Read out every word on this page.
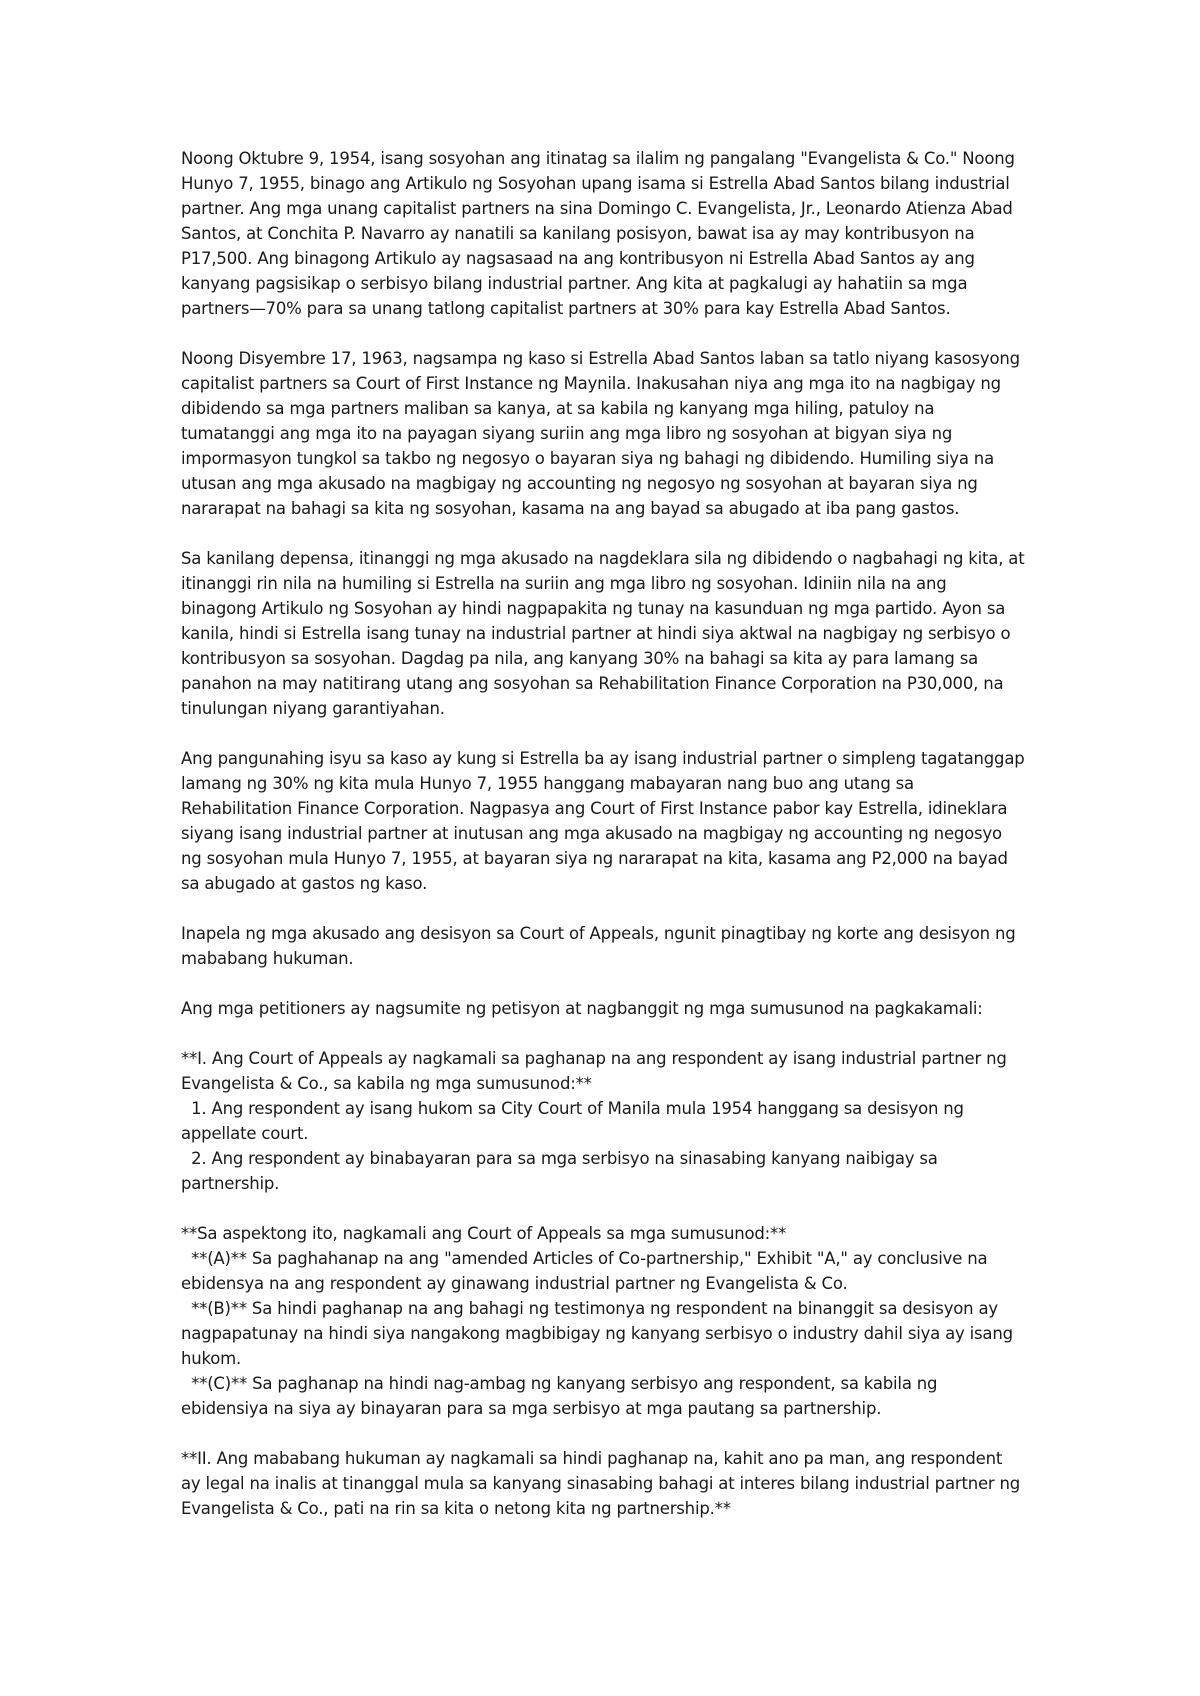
Noong Oktubre 9, 1954, isang sosyohan ang itinatag sa ilalim ng pangalang "Evangelista & Co." Noong
Hunyo 7, 1955, binago ang Artikulo ng Sosyohan upang isama si Estrella Abad Santos bilang industrial
partner. Ang mga unang capitalist partners na sina Domingo C. Evangelista, Jr., Leonardo Atienza Abad
Santos, at Conchita P. Navarro ay nanatili sa kanilang posisyon, bawat isa ay may kontribusyon na
P17,500. Ang binagong Artikulo ay nagsasaad na ang kontribusyon ni Estrella Abad Santos ay ang
kanyang pagsisikap o serbisyo bilang industrial partner. Ang kita at pagkalugi ay hahatiin sa mga
partners—70% para sa unang tatlong capitalist partners at 30% para kay Estrella Abad Santos.
Noong Disyembre 17, 1963, nagsampa ng kaso si Estrella Abad Santos laban sa tatlo niyang kasosyong
capitalist partners sa Court of First Instance ng Maynila. Inakusahan niya ang mga ito na nagbigay ng
dibidendo sa mga partners maliban sa kanya, at sa kabila ng kanyang mga hiling, patuloy na
tumatanggi ang mga ito na payagan siyang suriin ang mga libro ng sosyohan at bigyan siya ng
impormasyon tungkol sa takbo ng negosyo o bayaran siya ng bahagi ng dibidendo. Humiling siya na
utusan ang mga akusado na magbigay ng accounting ng negosyo ng sosyohan at bayaran siya ng
nararapat na bahagi sa kita ng sosyohan, kasama na ang bayad sa abugado at iba pang gastos.
Sa kanilang depensa, itinanggi ng mga akusado na nagdeklara sila ng dibidendo o nagbahagi ng kita, at
itinanggi rin nila na humiling si Estrella na suriin ang mga libro ng sosyohan. Idiniin nila na ang
binagong Artikulo ng Sosyohan ay hindi nagpapakita ng tunay na kasunduan ng mga partido. Ayon sa
kanila, hindi si Estrella isang tunay na industrial partner at hindi siya aktwal na nagbigay ng serbisyo o
kontribusyon sa sosyohan. Dagdag pa nila, ang kanyang 30% na bahagi sa kita ay para lamang sa
panahon na may natitirang utang ang sosyohan sa Rehabilitation Finance Corporation na P30,000, na
tinulungan niyang garantiyahan.
Ang pangunahing isyu sa kaso ay kung si Estrella ba ay isang industrial partner o simpleng tagatanggap
lamang ng 30% ng kita mula Hunyo 7, 1955 hanggang mabayaran nang buo ang utang sa
Rehabilitation Finance Corporation. Nagpasya ang Court of First Instance pabor kay Estrella, idineklara
siyang isang industrial partner at inutusan ang mga akusado na magbigay ng accounting ng negosyo
ng sosyohan mula Hunyo 7, 1955, at bayaran siya ng nararapat na kita, kasama ang P2,000 na bayad
sa abugado at gastos ng kaso.
Inapela ng mga akusado ang desisyon sa Court of Appeals, ngunit pinagtibay ng korte ang desisyon ng
mababang hukuman.
Ang mga petitioners ay nagsumite ng petisyon at nagbanggit ng mga sumusunod na pagkakamali:
**I. Ang Court of Appeals ay nagkamali sa paghanap na ang respondent ay isang industrial partner ng
Evangelista & Co., sa kabila ng mga sumusunod:**
1. Ang respondent ay isang hukom sa City Court of Manila mula 1954 hanggang sa desisyon ng
appellate court.
2. Ang respondent ay binabayaran para sa mga serbisyo na sinasabing kanyang naibigay sa
partnership.
**Sa aspektong ito, nagkamali ang Court of Appeals sa mga sumusunod:**
**(A)** Sa paghahanap na ang "amended Articles of Co-partnership," Exhibit "A," ay conclusive na
ebidensya na ang respondent ay ginawang industrial partner ng Evangelista & Co.
**(B)** Sa hindi paghanap na ang bahagi ng testimonya ng respondent na binanggit sa desisyon ay
nagpapatunay na hindi siya nangakong magbibigay ng kanyang serbisyo o industry dahil siya ay isang
hukom.
**(C)** Sa paghanap na hindi nag-ambag ng kanyang serbisyo ang respondent, sa kabila ng
ebidensiya na siya ay binayaran para sa mga serbisyo at mga pautang sa partnership.
**II. Ang mababang hukuman ay nagkamali sa hindi paghanap na, kahit ano pa man, ang respondent
ay legal na inalis at tinanggal mula sa kanyang sinasabing bahagi at interes bilang industrial partner ng
Evangelista & Co., pati na rin sa kita o netong kita ng partnership.**
